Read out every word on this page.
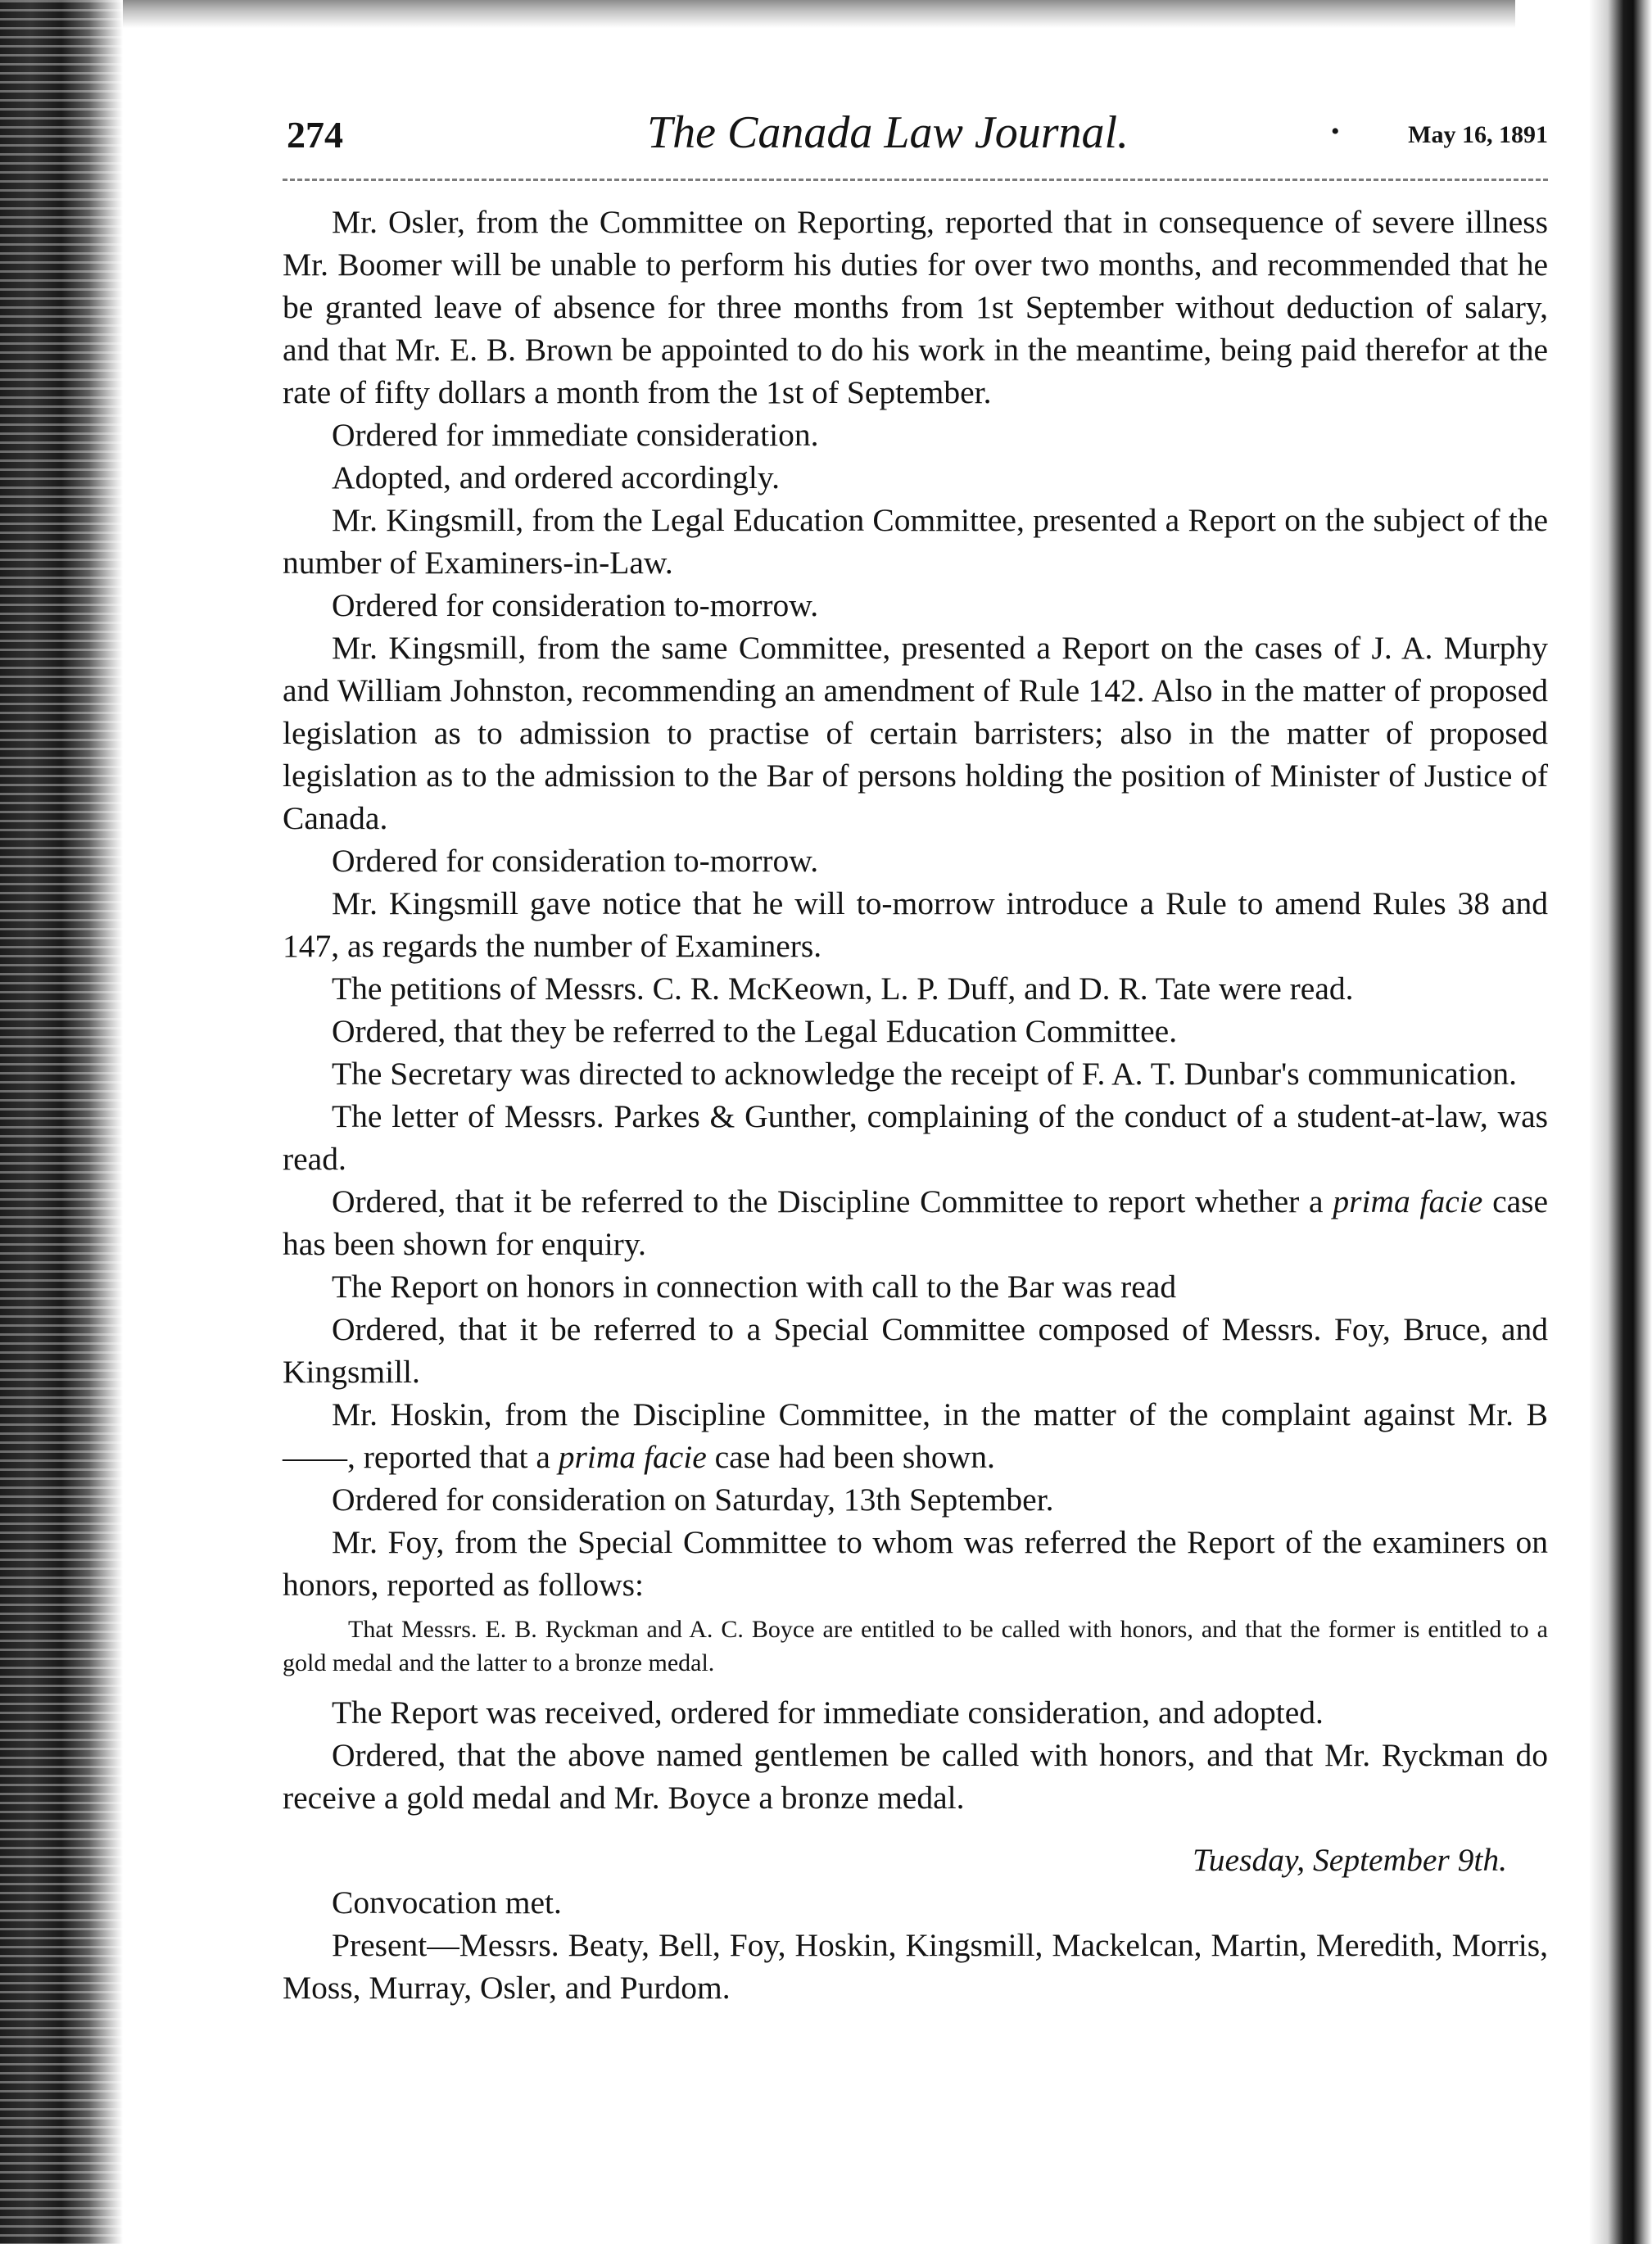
274	The Canada Law Journal.	•	May 16, 1891

Mr. Osler, from the Committee on Reporting, reported that in consequence of severe illness Mr. Boomer will be unable to perform his duties for over two months, and recommended that he be granted leave of absence for three months from 1st September without deduction of salary, and that Mr. E. B. Brown be appointed to do his work in the meantime, being paid therefor at the rate of fifty dollars a month from the 1st of September.

Ordered for immediate consideration.

Adopted, and ordered accordingly.

Mr. Kingsmill, from the Legal Education Committee, presented a Report on the subject of the number of Examiners-in-Law.

Ordered for consideration to-morrow.

Mr. Kingsmill, from the same Committee, presented a Report on the cases of J. A. Murphy and William Johnston, recommending an amendment of Rule 142. Also in the matter of proposed legislation as to admission to practise of certain barristers; also in the matter of proposed legislation as to the admission to the Bar of persons holding the position of Minister of Justice of Canada.

Ordered for consideration to-morrow.

Mr. Kingsmill gave notice that he will to-morrow introduce a Rule to amend Rules 38 and 147, as regards the number of Examiners.

The petitions of Messrs. C. R. McKeown, L. P. Duff, and D. R. Tate were read.

Ordered, that they be referred to the Legal Education Committee.

The Secretary was directed to acknowledge the receipt of F. A. T. Dunbar's communication.

The letter of Messrs. Parkes & Gunther, complaining of the conduct of a student-at-law, was read.

Ordered, that it be referred to the Discipline Committee to report whether a prima facie case has been shown for enquiry.

The Report on honors in connection with call to the Bar was read

Ordered, that it be referred to a Special Committee composed of Messrs. Foy, Bruce, and Kingsmill.

Mr. Hoskin, from the Discipline Committee, in the matter of the complaint against Mr. B——, reported that a prima facie case had been shown.

Ordered for consideration on Saturday, 13th September.

Mr. Foy, from the Special Committee to whom was referred the Report of the examiners on honors, reported as follows:

That Messrs. E. B. Ryckman and A. C. Boyce are entitled to be called with honors, and that the former is entitled to a gold medal and the latter to a bronze medal.

The Report was received, ordered for immediate consideration, and adopted.

Ordered, that the above named gentlemen be called with honors, and that Mr. Ryckman do receive a gold medal and Mr. Boyce a bronze medal.

Tuesday, September 9th.

Convocation met.

Present—Messrs. Beaty, Bell, Foy, Hoskin, Kingsmill, Mackelcan, Martin, Meredith, Morris, Moss, Murray, Osler, and Purdom.
